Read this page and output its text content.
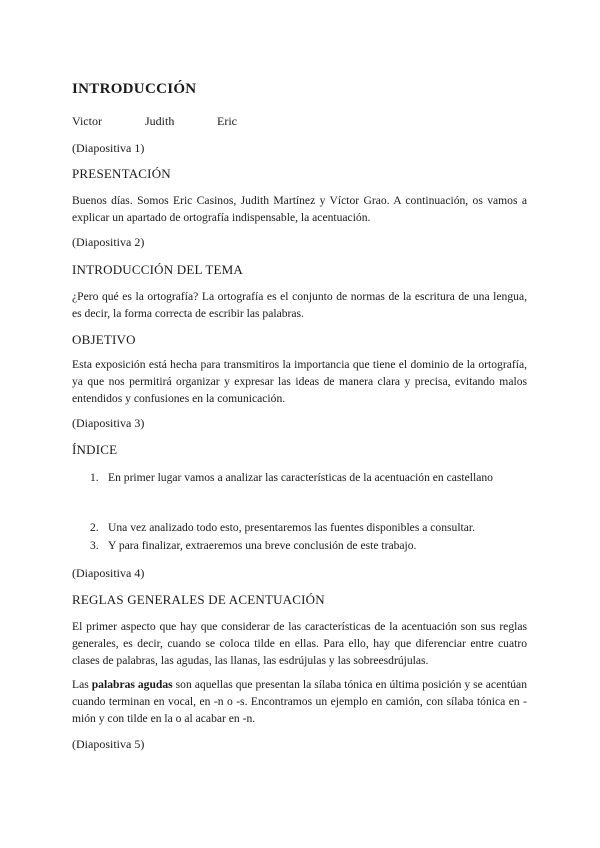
INTRODUCCIÓN
Victor	Judith	Eric

(Diapositiva 1)

PRESENTACIÓN

Buenos días. Somos Eric Casinos, Judith Martínez y Víctor Grao. A continuación, os vamos a explicar un apartado de ortografía indispensable, la acentuación.

(Diapositiva 2)

INTRODUCCIÓN DEL TEMA

¿Pero qué es la ortografía? La ortografía es el conjunto de normas de la escritura de una lengua, es decir, la forma correcta de escribir las palabras.

OBJETIVO

Esta exposición está hecha para transmitiros la importancia que tiene el dominio de la ortografía, ya que nos permitirá organizar y expresar las ideas de manera clara y precisa, evitando malos entendidos y confusiones en la comunicación.

(Diapositiva 3)

ÍNDICE

1. En primer lugar vamos a analizar las características de la acentuación en castellano
2. Una vez analizado todo esto, presentaremos las fuentes disponibles a consultar.
3. Y para finalizar, extraeremos una breve conclusión de este trabajo.

(Diapositiva 4)

REGLAS GENERALES DE ACENTUACIÓN

El primer aspecto que hay que considerar de las características de la acentuación son sus reglas generales, es decir, cuando se coloca tilde en ellas. Para ello, hay que diferenciar entre cuatro clases de palabras, las agudas, las llanas, las esdrújulas y las sobreesdrújulas.

Las palabras agudas son aquellas que presentan la sílaba tónica en última posición y se acentúan cuando terminan en vocal, en -n o -s. Encontramos un ejemplo en camión, con sílaba tónica en -mión y con tilde en la o al acabar en -n.

(Diapositiva 5)
